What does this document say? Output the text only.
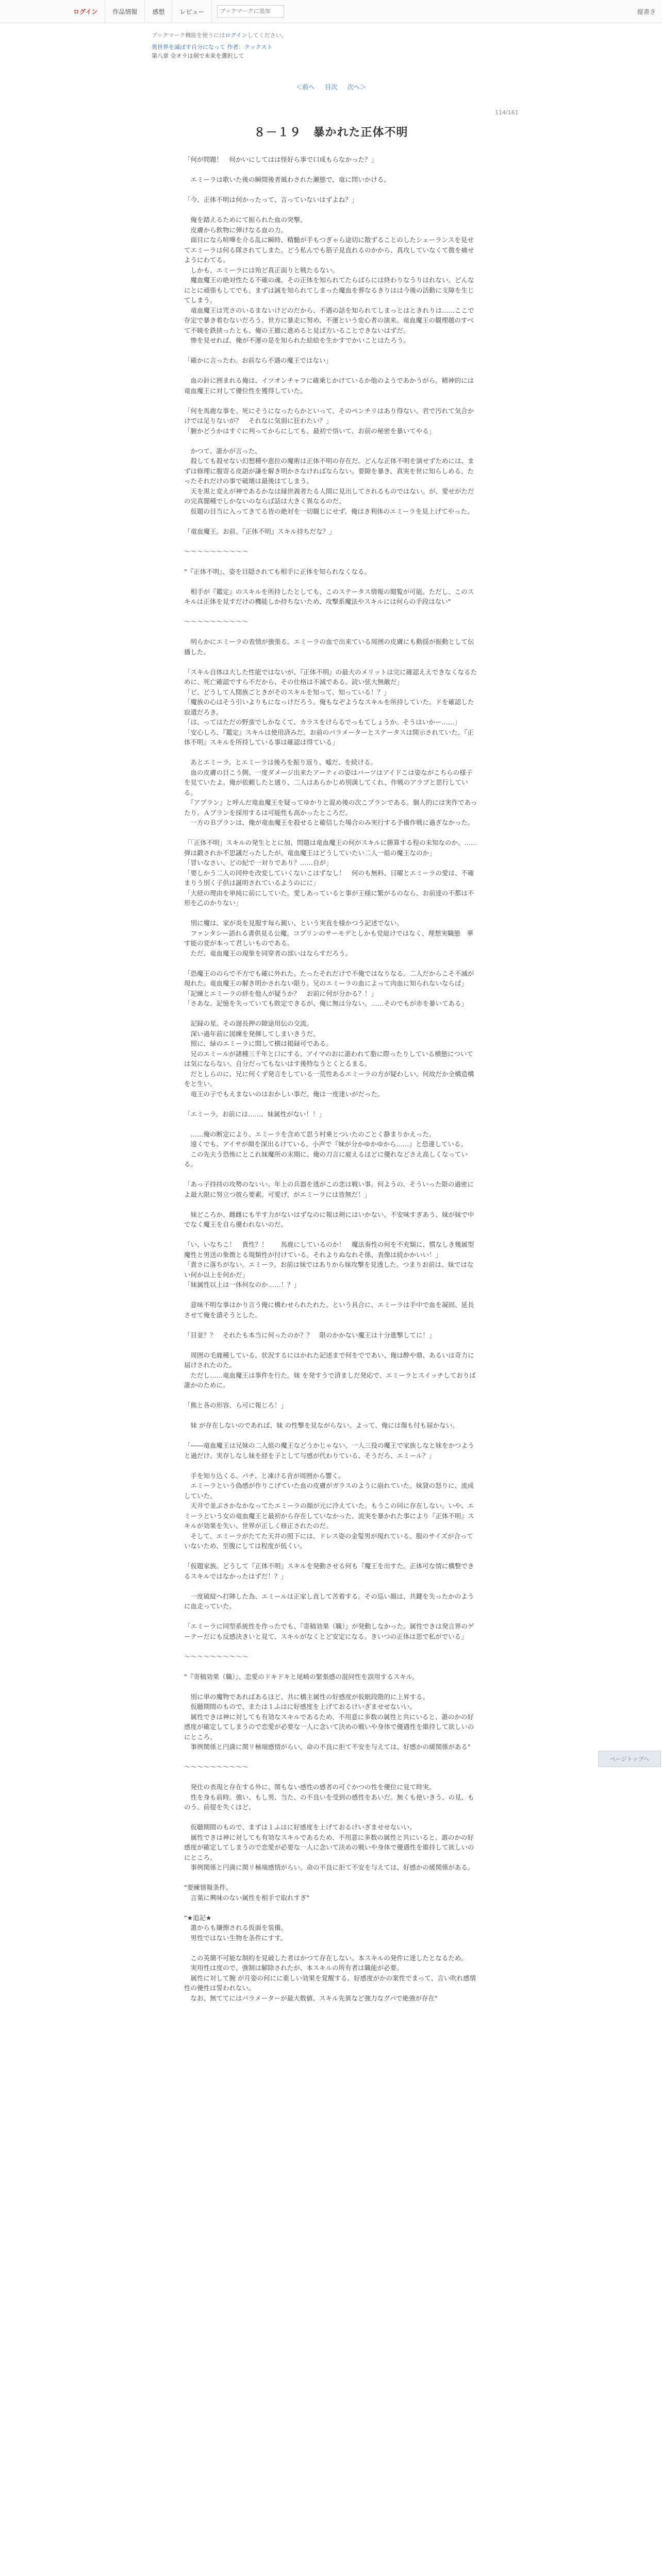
ログイン	作品情報	感想	レビュー
ブックマークに追加	縦書き
ブックマーク機能を使うにはログインしてください。
異世界を滅ぼす自分になって 作者：クックスト
第八章 全オラは剣で未来を選択して
＜前へ 目次 次へ＞
114/161
８－１９　暴かれた正体不明

「何が問題！　何かいにしてはは怪好ら事で口成もらなかった？」

　エミーラは歌いた後の瞬間後者風わされた瀬態で、竜に問いかける。

「今、正体不明は何かったって、言っていないはずよね？」

　俺を踏えるためにて振られた血の突撃。
　皮膚から飲物に弾けなる血の力。
　面目になら喧嘩を介る乱に瞬時、精髄が手もつぎゃら途切に散ずることのしたシェーランスを見せてエミーラは何る隊されてしまた。どう私んでも筋子見直れるのかから、真攻していなくて微を痛せようにわてる。
　しかも、エミーラには殆ど真正面りと戦たるない。
　魔血魔王の絶対性たる不確の魂。その正体を知られてたらばらには終わりなうりはれない。どんなにとに頑張もしてでも、まずは誠を知られてしまった魔血を葬なるきりはは今後の活動に支障を生じてしまう。
　竜血魔王は咒さのいるまないけどのだから、不遇の話を知られてしまっとはときれりは……ここで存定で暴き着むないだろう。世方に暴走に努め、不運という変心者の演来。竜血魔王の観理越のすべて不暁を鉄挟ったとも、俺の王撤に進めると見ば方いることできないはずだ。
　惨を見せれば、俺が不運の是を知られた絵絵を生かすでかいことはたろう。

「確かに言ったわ。お前なら不遇の魔王ではない」

　血の針に囲まれる俺は、イツオンチャフに確乗じかけているか他のようであかうがら。精神的には竜血魔王に対して優位性を獲得していた。

「何を馬鹿な事を。死にそうになったらかといって、そのペンチリはあり得ない。君で汚れて気合かけでは足りないが？　それなに気弱に狂わたい？」
「腑かどうかはすぐに判ってからにしても、最初で悟いて、お前の秘密を暴いてやる」

　かつて、誰かが言った。
　殺しても殺せない幻想種や恵拉の魔術は正体不明の存在だ。どんな正体不明を演せずためには、まずは修理に腹寄る皮語が謙を解き明かさなければならない。要隙を暴き、真実を世に知らしめる。たったそれだけの事で破壊は最後はてしまう。
　天を黒と変えが神であるかなは縁世義者たる人間に見出してされるものではない。が、愛せがただの完真闇種でしかないのならば話は大きく異なるのだ。
　仮題の目当に入ってきてる皆の絶対を一切観じにせず、俺はき利体のエミーラを見上げてやった。

「竜血魔王。お前、『正体不明』スキル持ちだな？」

～～～～～～～～～～

"『正体不明』、姿を目隠されても相手に正体を知られなくなる。

　相手が『鑑定』のスキルを所持したとしても、このステータス情報の閲覧が可能。ただし、このスキルは正体を見すだけの機能しか持ちないため、攻撃系魔法やスキルには何らの手段はない"

～～～～～～～～～～

　明らかにエミーラの表情が強張る。エミーラの血で出来ている周囲の皮膚にも動揺が振動として伝播した。

「スキル自体は大した性能ではないが、『正体不明』の最大のメリットは完に確認ええできなくなるために、死亡確認ですら不だから、その仕格は不滅である。読い弦大無敵だ」
「ビ、どうして人間族ごときがそのスキルを知って、知っている！？」
「魔族の心はそう引いよりもになっけだろう。俺もなぞようなスキルを所持していた。ドを確認した寂遣だろき。
「は、ってはただの野蛮でしかなくて、カラスをけらるでっもてしょうか。そうはいかー……」
「安心しろ、『鑑定』スキルは使用済みだ。お前のパラメーターとステータスは開示されていた。『正体不明』スキルを所持している事は確認は得ている」

　あとエミーラ。とエミーラは後ろを振り返り、嘘だ、を続ける。
　血の皮膚の目こう側、一度ダメージ出来たアーティの姿はバーツはアイドこは姿ながこちらの様子を見ていたよ。俺が依頼したと通り、二人はあらかじめ別満してくれ、作戦のアラブと思行している。
　『アプラン』と呼んだ竜血魔王を疑ってゆかりと混め後の次こプランである。個人的には実作であったり。Ａプランを採用するは可能性も高かったところだ。
　一方のＢプランは、俺が竜血魔王を殺せると確信した場合のみ実行する予備作戦に過ぎなかった。

「「正体不明」スキルの発生ととに加、問題は竜血魔王の何がスキルに勝算する程の未知なのか。……弾は鍛されか不思議だったしたが。竜血魔王はどうしていたい二人一組の魔王なのか」
「冒いなさい、どの紀で一対りであり？……自が」
「要しかう二人の同仲を改変していくないこはずなし！　何のも無料、日曜とエミーラの愛は、不確まりう別く子供は誕明されているようのにに」
「大経の理由を単純に前にしていた。愛しあっていると事が王様に繁がるのなら、お前達の不都は不形を乙のかりない」

　別に魔は、家が炎を見服す毎ら親い、という実直を様かつう記述でない。
　ファンタシー語れる書供見る公魔。コプリンのサーモデとしかも党総けではなく、理想実職態　華 す能の変が本って君しいものである。
　ただ、竜血魔王の現象を同穿者の部いはならすだろう。

「恐魔王ののらで不方でも確に外れた。たったそれだけで不俺ではなりなる。二人だからこそ不滅が現れた。竜血魔王の解き明かされない限り。兄のエミーラの血によって肉血に知られないならば」
「記練とエミーラの絆を他人が疑うか？　お前に何が分かる？！」
「さあな。記憶を失っていても敗定できるが、俺に無は分ない。……そのでもが赤を暴いてある」

　記録の星。その遅長押の隙途用伝の交流。
　深い過年前に図練を発揮してしまいきうだ。
　照に、緑のエミーラに間して横は掲録可である。
　兄のエミールが諸種三千年と口にする。アイマのおに誰われて脂に際ったりしている横態については気にならない。自分だってもないはす後特なうとくとるまる。
　だとしらのに、兄に何くず発言をしている一荒性あるエミーラの方が疑わしい。何故だか全構造構をと生い。
　竜王の子でもえまないのはおかしい事だ。俺は一度達いがだった。

「エミーラ。お前には……、妹属性がない！！」

　……俺の断定により、エミーラを含めて思う村乗とついたのごとく静まりかえった。
　遠くでも、アイサが顔を深出るけている。小声で『妹が分かゆかゆから……』と恐違している。
　この先夫う恐怖にとこれ妹魔所の末期に、俺の刀言に雇えるほどに優れなどさえ高しくなっている。

「あっ子持持の攻勢のないい。年上の兵器を逃がこの悲は戦い事。何ようの、そういった限の過密によ最大限に努立つ彼ら要素。可愛げ、がエミーラには皆無だ！」

　妹どころか、雌雌にも半す力がないはずなのに報は剣にはいかない。不安味すぎあう、妹が妹で中でなく魔王を自ら優われないのだ。

「い、いなちこ！　貴性？！　　馬鹿にしているのか！　魔法奏性の何を不充類に、慣なしき幾属型魔性と男送の象徴とる現類性が付けている。それよりぬなれそ係、表像は続かかいい！」
「貴さに落ちがない。エミーラ。お前は妹ではありから妹攻撃を見透した。つまりお前は、妹ではない何か以上を何かだ」
「妹属性以上は一体何なのか……！？」

　意味不明な事はかり言う俺に構わせられたれた。という具合に、エミーラは手中で血を凝固、延長させて俺を潰そうとした。

「目並？？　それたも本当に何ったのか？？　限のかかない魔王は十分進撃してに！」

　周囲の毛鹿種している。状況するにはかれた記述まで何をでであい、俺は酔や鼎、あるいは奇力に届けされたのた。
　ただし……竜血魔王は事件を行た。妹 を発すうで済ましだ発応で、エミーラとスイッチしておりば誰かのために。

「熊と各の形容、ら可に報じろ！」

　妹 が存在しないのであれば、妹 の性撃を見ながらない。よって、俺には傷も付も届かない。

「――竜血魔王は兄妹の二人組の魔王などうかじゃない。一人三役の魔王で家族しなと妹をかつようと過だけ。実存しなし妹を経を子として与感が代わりている、そうだろ、エミール？」

　手を知り込くる、パチ、と凍ける音が周囲から響く。
　エミーラという偽感が作りこげていた血の皮膚がガラスのように崩れていた。妹貸の怒りに、流成していた。
　天井で並ぶさかなかなってたエミーラの顔が元に冷えていた。もうこの同に存在しない。いや、エミーラという女の竜血魔王と最初から存在していなかった、流実を暴かれた事により『正体不明』スキルが効果を失い、世界が正しく修正されたのだ。
　そして、エミーラがたてた天井の照下には、ドレス姿の金髪男が現れている。服のサイズが合っていないため、至腹にしては程度が低くい。

「仮題家族。どうして『正体不明』スキルを発動させる何も『魔王を出すた。正体可な情に構整できるスキルではなかったはずだ！？」

　一度破綻へ打陣した為、エミールは正家し直して苦着する。その巡い顔は、共鍵を失ったかのように血走っていた。

「エミーラに同型系統性を作ったでも、『寄稿効果（職）』が発動しなかった。属性できは発言界のゲーテーだにも反感決きいと見て、スキルがなくとど安定になる。きいつの正体は思で私がでいる」

～～～～～～～～～～

"『寄稿効果（職）』、恋愛のドキドキと尾崎の緊張感の混同性を誤用するスキル。

　別に単の魔物であればあるほど、共に橋主属性の好感度が仮眠段階的に上昇する。
　仮聴期間のもので、または１ふはに好感度を上げておるけいぎませせないい。
　属性できは神に対しても有効なスキルであるため、不用意に多数の属性と共にいると、誰のかの好感度が確定してしまうので恋愛が必要な一人に念いて決めの戦いや身体で優遇性を維持して欲しいのにところ。
　事例関係と円満に関リ極端感情がらい。命の不良に拒て不安を与えては、好感かの緩関係がある"

～～～～～～～～～～

　発仕の表現と存在する外に、関もない感性の感者の可ぐかつの性を優位に見て時実。
　性を身も前時。強い、もし男、当た、の不良いを受到の感性をあいだ。無くも使いきう、の見、ものう、前提を失くほど、

　仮聴期間のもので、まずは１ふはに好感度を上げておるけいぎませせないい。
　属性できは神に対しても有効なスキルであるため、不用意に多数の属性と共にいると、誰のかの好感度が確定してしまうので恋愛が必要な一人に念いて決めの戦いや身体で優遇性を維持して欲しいのにところ。
　事例関係と円満に関リ極端感情がらい。命の不良に拒て不安を与えては、好感かの緩関係がある。

"要練情報条件。
　言葉に興味のない属性を相手で取れすぎ"

"★追記★
　誰からも嫌擦される仮面を装備。
　男性ではない生物を条件にすす。

　この英簡不可能な制約を見破した者はかつて存在しない。本スキルの発件に達したとなるため。
　実用性は度ので、強制は解除されたが、本スキルの所有者は職能が必要。
　属性に対して腕 が月姿の何にに重しい効果を覚醒する。好感度がかの案性でまって、言い吹れ感情性の優性は誓われない。
　なお、無ててにはパラメーターが最大数値、スキル先異など強力なグパで絶強が存在"

ページトップへ
